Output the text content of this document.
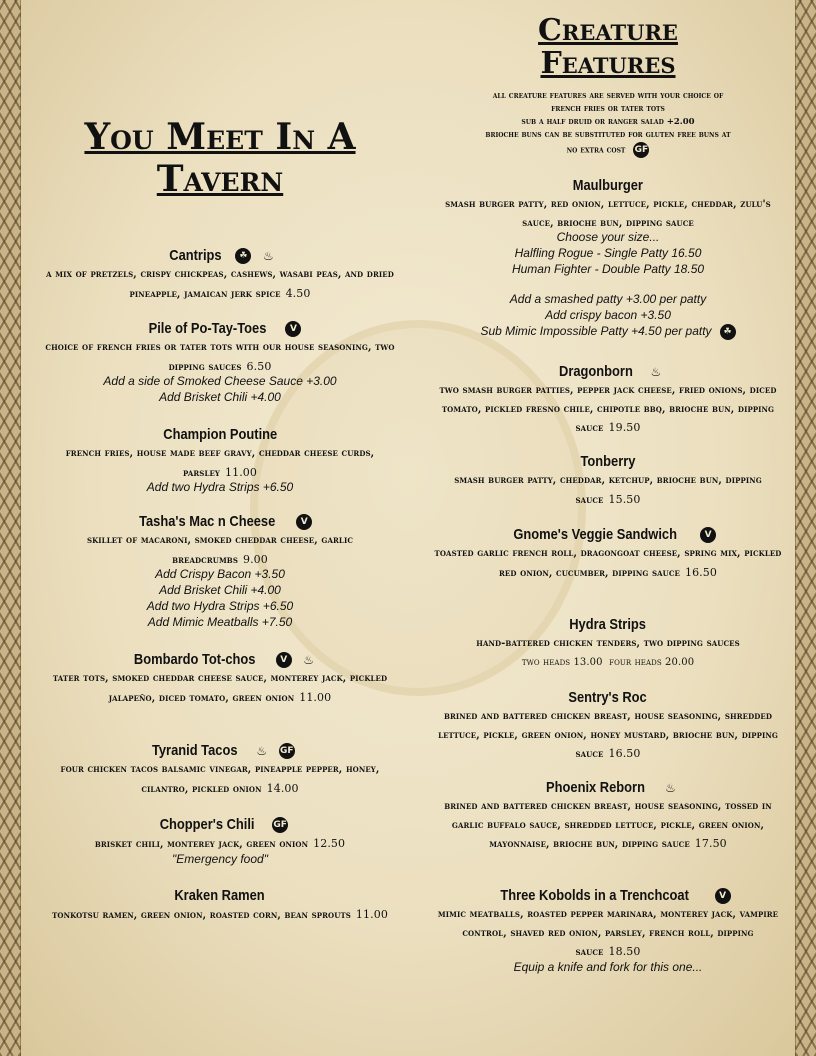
You Meet In A Tavern
Creature Features
all creature features are served with your choice of
french fries or tater tots
sub a half druid or ranger salad +2.00
brioche buns can be substituted for gluten free buns at
no extra cost GF
Cantrips	☘	♨
a mix of pretzels, crispy chickpeas, cashews, wasabi peas, and dried pineapple, jamaican jerk spice 4.50
Pile of Po-Tay-Toes	V
choice of french fries or tater tots with our house seasoning, two dipping sauces 6.50
Add a side of Smoked Cheese Sauce +3.00
Add Brisket Chili +4.00
Champion Poutine
french fries, house made beef gravy, cheddar cheese curds, parsley 11.00
Add two Hydra Strips +6.50
Tasha's Mac n Cheese	V
skillet of macaroni, smoked cheddar cheese, garlic breadcrumbs 9.00
Add Crispy Bacon +3.50
Add Brisket Chili +4.00
Add two Hydra Strips +6.50
Add Mimic Meatballs +7.50
Bombardo Tot-chos	V	♨
tater tots, smoked cheddar cheese sauce, monterey jack, pickled jalapeño, diced tomato, green onion 11.00
Tyranid Tacos ♨ GF
four chicken tacos balsamic vinegar, pineapple pepper, honey, cilantro, pickled onion 14.00
Chopper's Chili GF
brisket chili, monterey jack, green onion 12.50
"Emergency food"
Kraken Ramen
tonkotsu ramen, green onion, roasted corn, bean sprouts 11.00
Maulburger
smash burger patty, red onion, lettuce, pickle, cheddar, zulu's sauce, brioche bun, dipping sauce
Choose your size...
Halfling Rogue - Single Patty 16.50
Human Fighter - Double Patty 18.50
Add a smashed patty +3.00 per patty
Add crispy bacon +3.50
Sub Mimic Impossible Patty +4.50 per patty ☘
Dragonborn ♨
two smash burger patties, pepper jack cheese, fried onions, diced tomato, pickled fresno chile, chipotle bbq, brioche bun, dipping sauce 19.50
Tonberry
smash burger patty, cheddar, ketchup, brioche bun, dipping sauce 15.50
Gnome's Veggie Sandwich	V
toasted garlic french roll, dragongoat cheese, spring mix, pickled red onion, cucumber, dipping sauce 16.50
Hydra Strips
hand-battered chicken tenders, two dipping sauces
two heads 13.00  four heads 20.00
Sentry's Roc
brined and battered chicken breast, house seasoning, shredded lettuce, pickle, green onion, honey mustard, brioche bun, dipping sauce 16.50
Phoenix Reborn ♨
brined and battered chicken breast, house seasoning, tossed in garlic buffalo sauce, shredded lettuce, pickle, green onion, mayonnaise, brioche bun, dipping sauce 17.50
Three Kobolds in a Trenchcoat	V
mimic meatballs, roasted pepper marinara, monterey jack, vampire control, shaved red onion, parsley, french roll, dipping sauce 18.50
Equip a knife and fork for this one...
